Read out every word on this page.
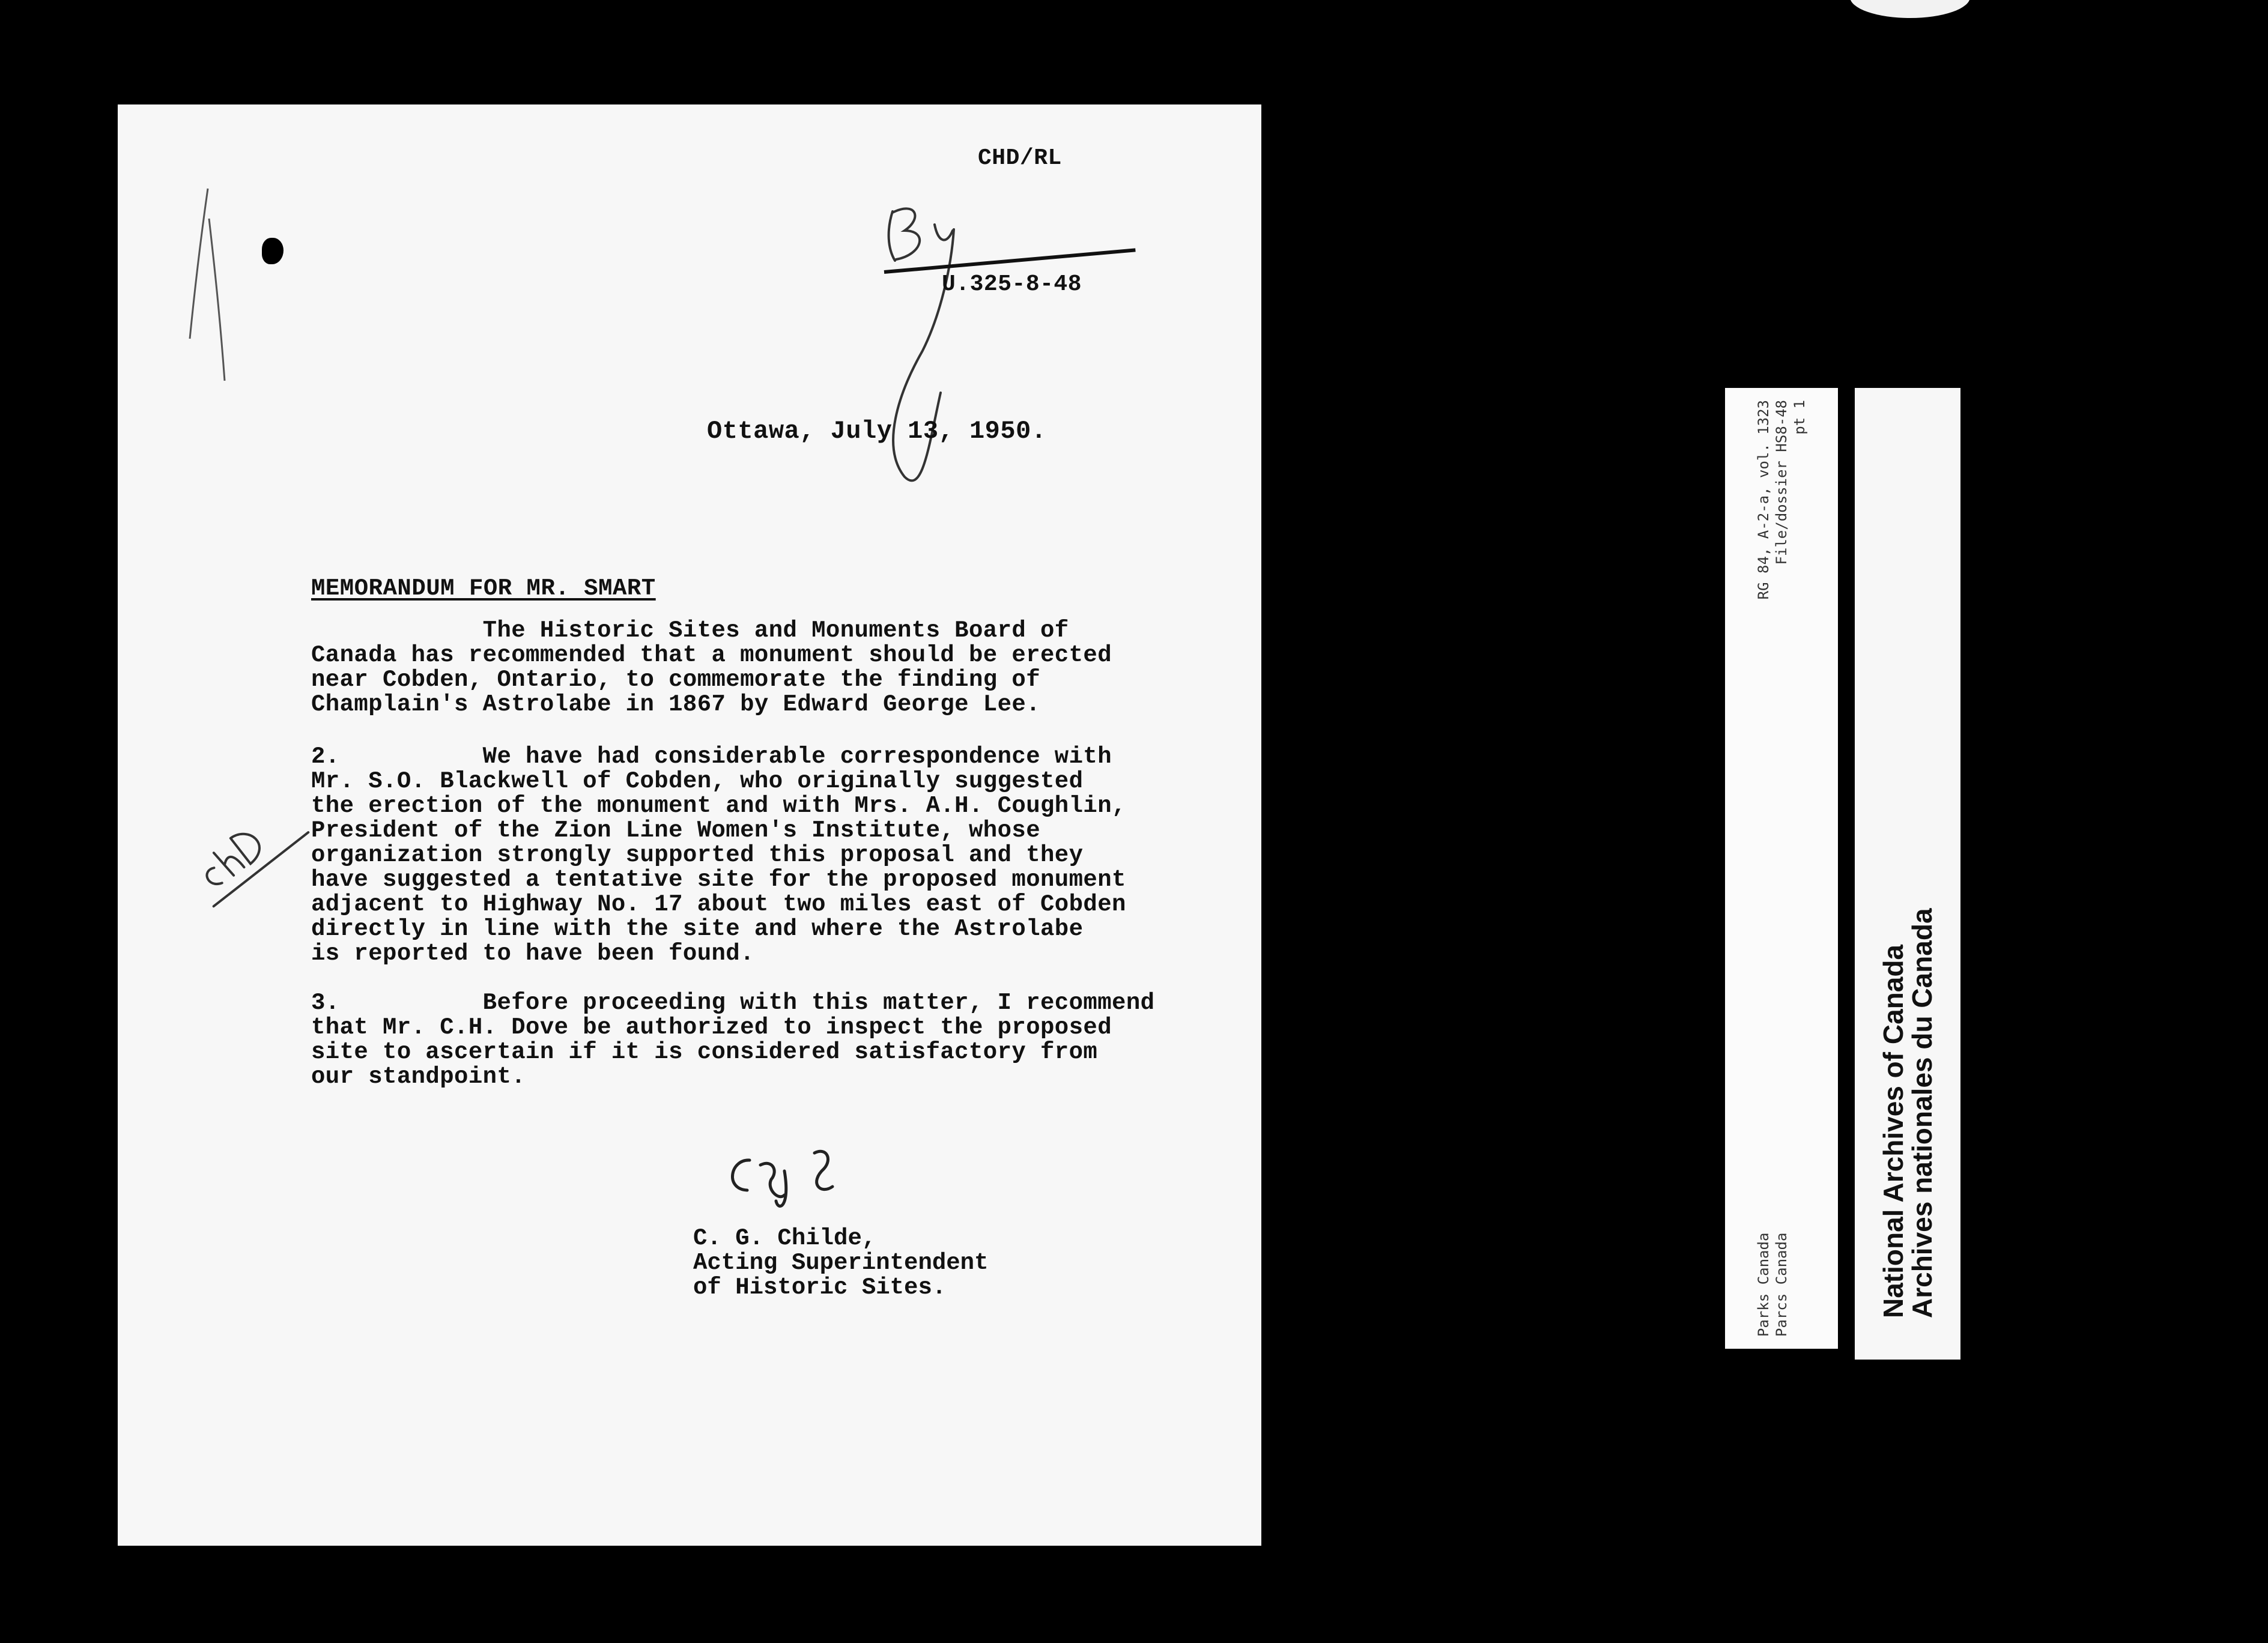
CHD/RL
U.325-8-48
Ottawa, July 13, 1950.
MEMORANDUM FOR MR. SMART
The Historic Sites and Monuments Board of
Canada has recommended that a monument should be erected
near Cobden, Ontario, to commemorate the finding of
Champlain's Astrolabe in 1867 by Edward George Lee.
2.          We have had considerable correspondence with
Mr. S.O. Blackwell of Cobden, who originally suggested
the erection of the monument and with Mrs. A.H. Coughlin,
President of the Zion Line Women's Institute, whose
organization strongly supported this proposal and they
have suggested a tentative site for the proposed monument
adjacent to Highway No. 17 about two miles east of Cobden
directly in line with the site and where the Astrolabe
is reported to have been found.
3.          Before proceeding with this matter, I recommend
that Mr. C.H. Dove be authorized to inspect the proposed
site to ascertain if it is considered satisfactory from
our standpoint.
C. G. Childe,
Acting Superintendent
of Historic Sites.	Parks Canada
RG 84, A-2-a, vol. 1323
Parcs Canada
File/dossier HS8-48 pt 1
National Archives of Canada
Archives nationales du Canada
